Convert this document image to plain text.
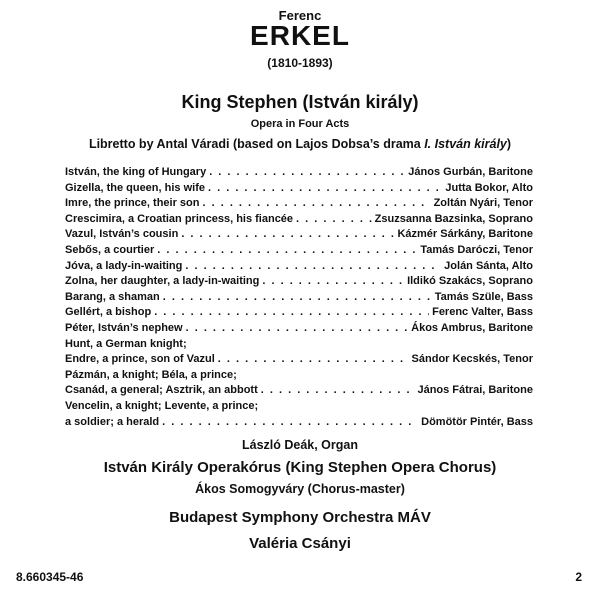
Ferenc
ERKEL
(1810-1893)
King Stephen (István király)
Opera in Four Acts
Libretto by Antal Váradi (based on Lajos Dobsa’s drama I. István király)
István, the king of Hungary . . .	János Gurbán, Baritone
Gizella, the queen, his wife . . .	Jutta Bokor, Alto
Imre, the prince, their son . . .	Zoltán Nyári, Tenor
Crescimira, a Croatian princess, his fiancée . . .	Zsuzsanna Bazsinka, Soprano
Vazul, István’s cousin . . .	Kázmér Sárkány, Baritone
Sebős, a courtier . . .	Tamás Daróczi, Tenor
Jóva, a lady-in-waiting . . .	Jolán Sánta, Alto
Zolna, her daughter, a lady-in-waiting . . .	Ildikó Szakács, Soprano
Barang, a shaman . . .	Tamás Szüle, Bass
Gellért, a bishop . . .	Ferenc Valter, Bass
Péter, István’s nephew . . .	Ákos Ambrus, Baritone
Hunt, a German knight;
Endre, a prince, son of Vazul . . .	Sándor Kecskés, Tenor
Pázmán, a knight; Béla, a prince;
Csanád, a general; Asztrik, an abbott . . .	János Fátrai, Baritone
Vencelin, a knight; Levente, a prince;
a soldier; a herald . . .	Dömötör Pintér, Bass
László Deák, Organ
István Király Operakórus (King Stephen Opera Chorus)
Ákos Somogyváry (Chorus-master)
Budapest Symphony Orchestra MÁV
Valéria Csányi
8.660345-46	2
